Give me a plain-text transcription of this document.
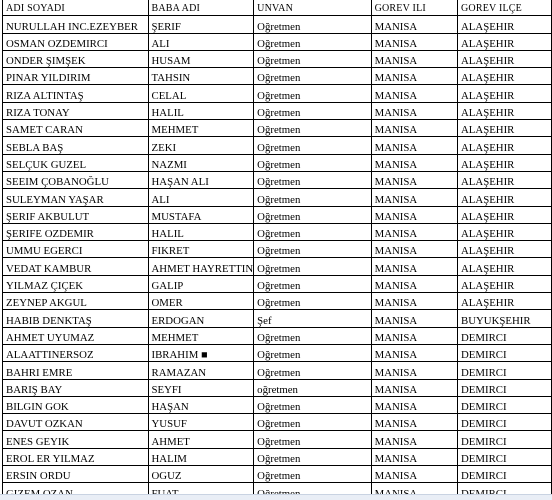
ADI SOYADI	BABA ADI	UNVAN	GOREV ILI	GOREV ILÇE
NURULLAH INC.EZEYBER	ŞERIF	Oğretmen	MANISA	ALAŞEHIR
OSMAN OZDEMIRCI	ALI	Oğretmen	MANISA	ALAŞEHIR
ONDER ŞIMŞEK	HUSAM	Oğretmen	MANISA	ALAŞEHIR
PINAR YILDIRIM	TAHSIN	Oğretmen	MANISA	ALAŞEHIR
RIZA ALTINTAŞ	CELAL	Oğretmen	MANISA	ALAŞEHIR
RIZA TONAY	HALIL	Oğretmen	MANISA	ALAŞEHIR
SAMET CARAN	MEHMET	Oğretmen	MANISA	ALAŞEHIR
SEBLA BAŞ	ZEKI	Oğretmen	MANISA	ALAŞEHIR
SELÇUK GUZEL	NAZMI	Oğretmen	MANISA	ALAŞEHIR
SEEIM ÇOBANOĞLU	HAŞAN ALI	Oğretmen	MANISA	ALAŞEHIR
SULEYMAN YAŞAR	ALI	Oğretmen	MANISA	ALAŞEHIR
ŞERIF AKBULUT	MUSTAFA	Oğretmen	MANISA	ALAŞEHIR
ŞERIFE OZDEMIR	HALIL	Oğretmen	MANISA	ALAŞEHIR
UMMU EGERCI	FIKRET	Oğretmen	MANISA	ALAŞEHIR
VEDAT KAMBUR	AHMET HAYRETTIN	Oğretmen	MANISA	ALAŞEHIR
YILMAZ ÇIÇEK	GALIP	Oğretmen	MANISA	ALAŞEHIR
ZEYNEP AKGUL	OMER	Oğretmen	MANISA	ALAŞEHIR
HABIB DENKTAŞ	ERDOGAN	Şef	MANISA	BUYUKŞEHIR
AHMET UYUMAZ	MEHMET	Oğretmen	MANISA	DEMIRCI
ALAATTINERSOZ	IBRAHIM ■	Oğretmen	MANISA	DEMIRCI
BAHRI EMRE	RAMAZAN	Oğretmen	MANISA	DEMIRCI
BARIŞ BAY	SEYFI	oğretmen	MANISA	DEMIRCI
BILGIN GOK	HAŞAN	Oğretmen	MANISA	DEMIRCI
DAVUT OZKAN	YUSUF	Oğretmen	MANISA	DEMIRCI
ENES GEYIK	AHMET	Oğretmen	MANISA	DEMIRCI
EROL ER YILMAZ	HALIM	Oğretmen	MANISA	DEMIRCI
ERSIN ORDU	OGUZ	Oğretmen	MANISA	DEMIRCI
